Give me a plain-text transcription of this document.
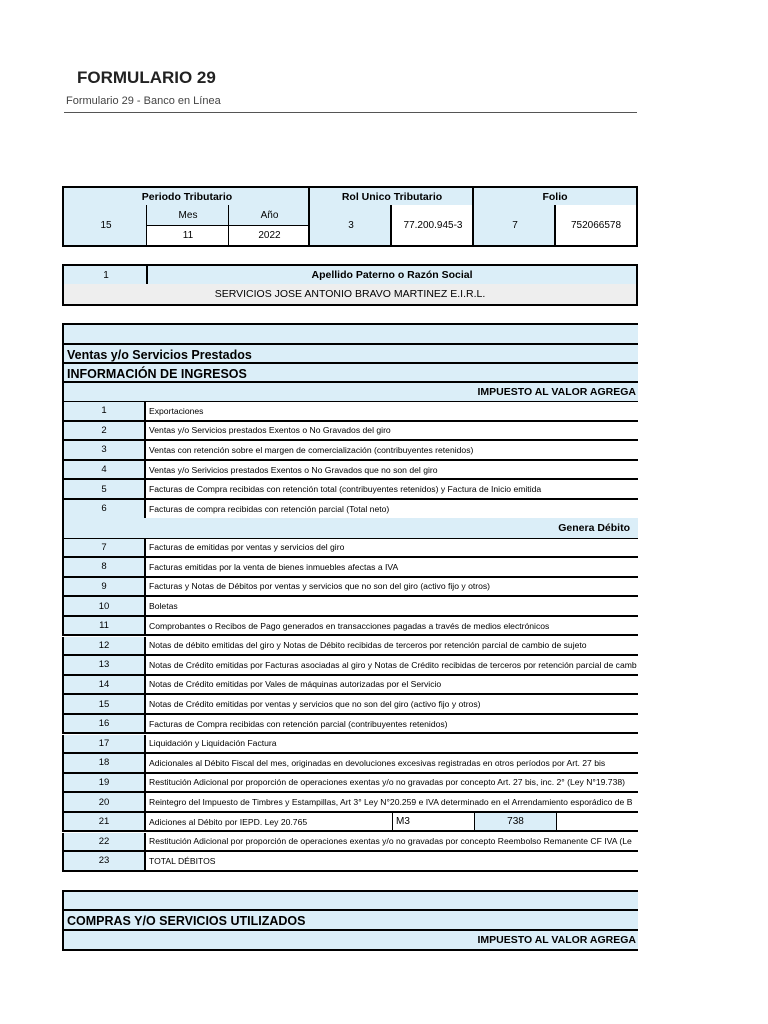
FORMULARIO 29
Formulario 29 - Banco en Línea
Periodo Tributario	Rol Unico Tributario	Folio
15
Mes	Año
11	2022
3	77.200.945-3	7	752066578
1	Apellido Paterno o Razón Social
SERVICIOS JOSE ANTONIO BRAVO MARTINEZ E.I.R.L.
Ventas y/o Servicios Prestados
INFORMACIÓN DE INGRESOS
IMPUESTO AL VALOR AGREGA
1	Exportaciones
2	Ventas y/o Servicios prestados Exentos o No Gravados del giro
3	Ventas con retención sobre el margen de comercialización (contribuyentes retenidos)
4	Ventas y/o Serivicios prestados Exentos o No Gravados que no son del giro
5	Facturas de Compra recibidas con retención total (contribuyentes retenidos) y Factura de Inicio emitida
6	Facturas de compra recibidas con retención parcial (Total neto)
Genera Débito
7	Facturas de emitidas por ventas y servicios del giro
8	Facturas emitidas por la venta de bienes inmuebles afectas a IVA
9	Facturas y Notas de Débitos por ventas y servicios que no son del giro (activo fijo y otros)
10	Boletas
11	Comprobantes o Recibos de Pago generados en transacciones pagadas a través de medios electrónicos
12	Notas de débito emitidas del giro y Notas de Débito recibidas de terceros por retención parcial de cambio de sujeto
13	Notas de Crédito emitidas por Facturas asociadas al giro y Notas de Crédito recibidas de terceros por retención parcial de camb
14	Notas de Crédito emitidas por Vales de máquinas autorizadas por el Servicio
15	Notas de Crédito emitidas por ventas y servicios que no son del giro (activo fijo y otros)
16	Facturas de Compra recibidas con retención parcial (contribuyentes retenidos)
17	Liquidación y Liquidación Factura
18	Adicionales al Débito Fiscal del mes, originadas en devoluciones excesivas registradas en otros períodos por Art. 27 bis
19	Restitución Adicional por proporción de operaciones exentas y/o no gravadas por concepto Art. 27 bis, inc. 2° (Ley N°19.738)
20	Reintegro del Impuesto de Timbres y Estampillas, Art 3° Ley N°20.259 e IVA determinado en el Arrendamiento esporádico de B
21	Adiciones al Débito por IEPD. Ley 20.765	M3	738
22	Restitución Adicional por proporción de operaciones exentas y/o no gravadas por concepto Reembolso Remanente CF IVA (Le
23	TOTAL DÉBITOS
COMPRAS Y/O SERVICIOS UTILIZADOS
IMPUESTO AL VALOR AGREGA
